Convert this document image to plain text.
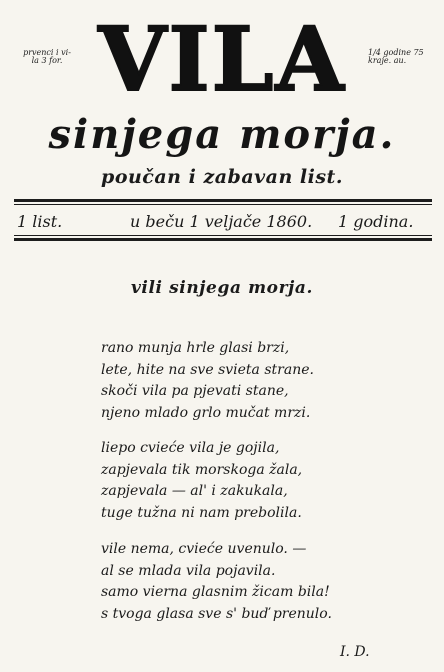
prvenci i vi-
la 3 for. VILA	1/4 godine 75
kraje. au.
sinjega morja.
poučan i zabavan list.
1 list.	u beču 1 veljače 1860. 1 godina.
vili sinjega morja.
rano munja hrle glasi brzi,
lete, hite na sve svieta strane.
skoči vila pa pjevati stane,
njeno mlado grlo mučat mrzi.
liepo cvieće vila je gojila,
zapjevala tik morskoga žala,
zapjevala — al' i zakukala,
tuge tužna ni nam prebolila.
vile nema, cvieće uvenulo. —
al se mlada vila pojavila.
samo vierna glasnim žicam bila!
s tvoga glasa sve s' buď prenulo.
I. D.
